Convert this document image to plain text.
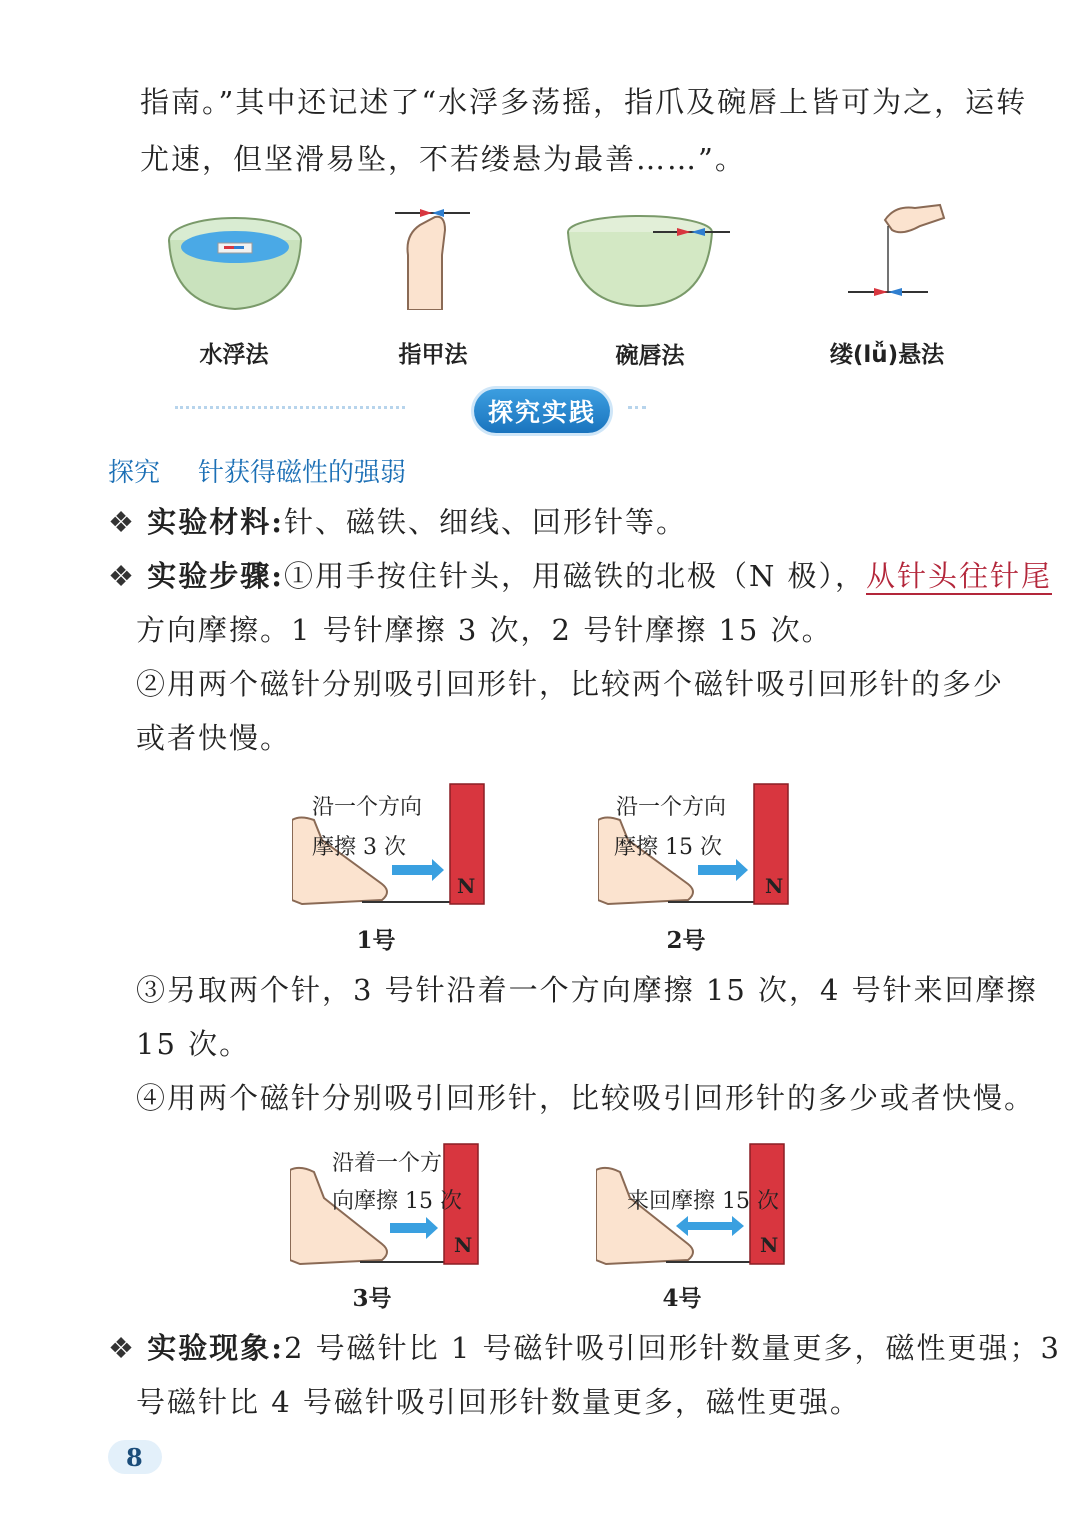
指南。”其中还记述了“水浮多荡摇，指爪及碗唇上皆可为之，运转
尤速，但坚滑易坠，不若缕悬为最善……”。
水浮法	指甲法	碗唇法	缕(lǚ)悬法
探究实践
探究 针获得磁性的强弱
❖ 实验材料:针、磁铁、细线、回形针等。
❖ 实验步骤:①用手按住针头，用磁铁的北极（N 极），从针头往针尾
方向摩擦。1 号针摩擦 3 次，2 号针摩擦 15 次。
②用两个磁针分别吸引回形针，比较两个磁针吸引回形针的多少
或者快慢。
沿一个方向
摩擦 3 次
N
1号
沿一个方向
摩擦 15 次
N
2号
③另取两个针，3 号针沿着一个方向摩擦 15 次，4 号针来回摩擦
15 次。
④用两个磁针分别吸引回形针，比较吸引回形针的多少或者快慢。
沿着一个方
向摩擦 15 次
N
3号
来回摩擦 15 次
N
4号
❖ 实验现象:2 号磁针比 1 号磁针吸引回形针数量更多，磁性更强；3
号磁针比 4 号磁针吸引回形针数量更多，磁性更强。
8
